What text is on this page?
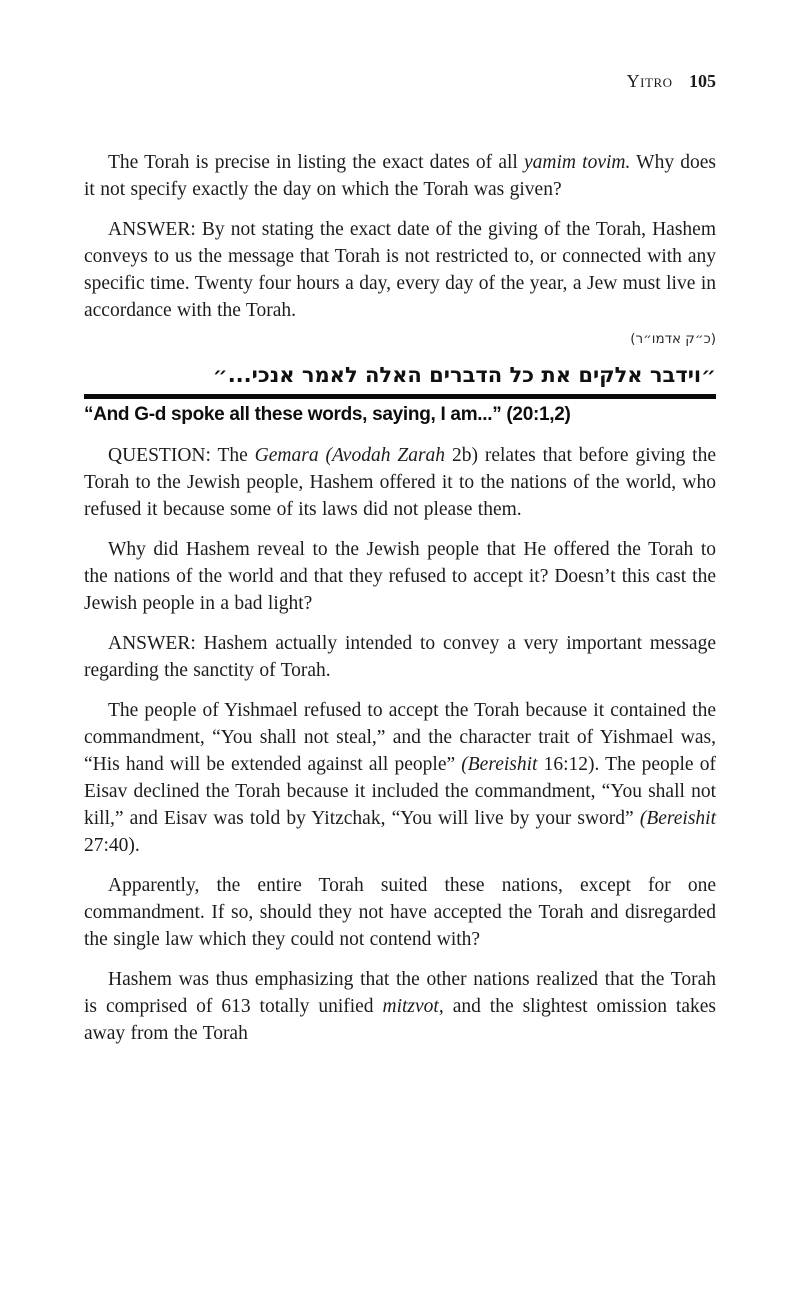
Yitro 105

The Torah is precise in listing the exact dates of all yamim tovim. Why does it not specify exactly the day on which the Torah was given?

ANSWER: By not stating the exact date of the giving of the Torah, Hashem conveys to us the message that Torah is not restricted to, or connected with any specific time. Twenty four hours a day, every day of the year, a Jew must live in accordance with the Torah.

(כ״ק אדמו״ר)
״וידבר אלקים את כל הדברים האלה לאמר אנכי...״
“And G-d spoke all these words, saying, I am...” (20:1,2)

QUESTION: The Gemara (Avodah Zarah 2b) relates that before giving the Torah to the Jewish people, Hashem offered it to the nations of the world, who refused it because some of its laws did not please them.

Why did Hashem reveal to the Jewish people that He offered the Torah to the nations of the world and that they refused to accept it? Doesn’t this cast the Jewish people in a bad light?

ANSWER: Hashem actually intended to convey a very important message regarding the sanctity of Torah.

The people of Yishmael refused to accept the Torah because it contained the commandment, “You shall not steal,” and the character trait of Yishmael was, “His hand will be extended against all people” (Bereishit 16:12). The people of Eisav declined the Torah because it included the commandment, “You shall not kill,” and Eisav was told by Yitzchak, “You will live by your sword” (Bereishit 27:40).

Apparently, the entire Torah suited these nations, except for one commandment. If so, should they not have accepted the Torah and disregarded the single law which they could not contend with?

Hashem was thus emphasizing that the other nations realized that the Torah is comprised of 613 totally unified mitzvot, and the slightest omission takes away from the Torah
